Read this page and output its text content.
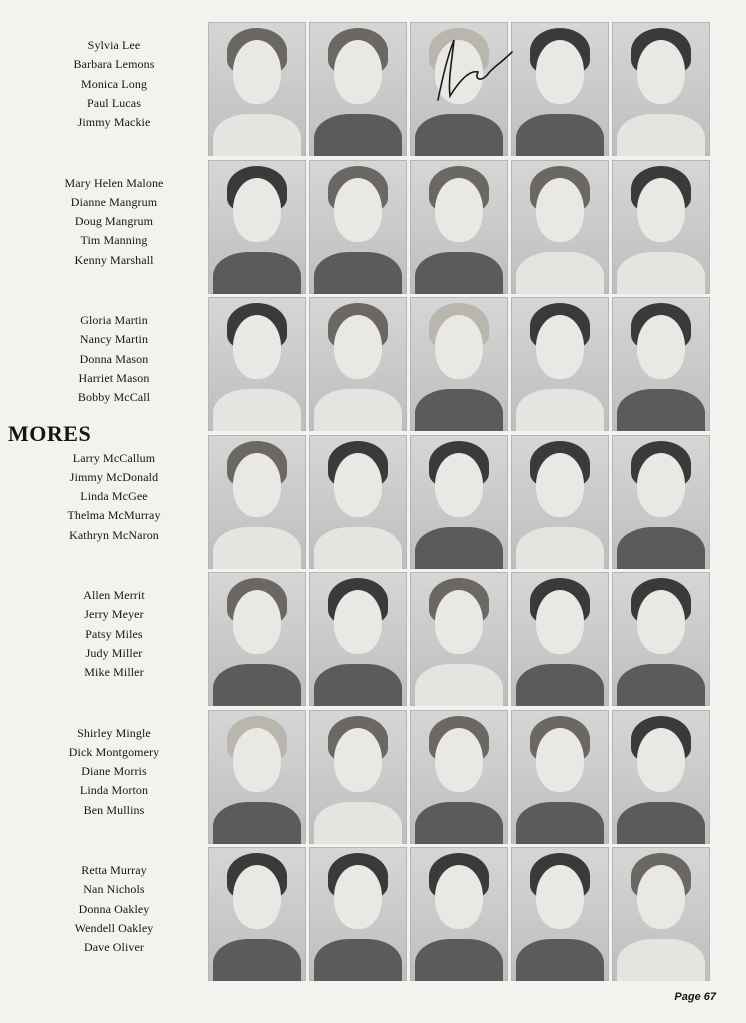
Sylvia Lee
Barbara Lemons
Monica Long
Paul Lucas
Jimmy Mackie
Mary Helen Malone
Dianne Mangrum
Doug Mangrum
Tim Manning
Kenny Marshall
Gloria Martin
Nancy Martin
Donna Mason
Harriet Mason
Bobby McCall
Larry McCallum
Jimmy McDonald
Linda McGee
Thelma McMurray
Kathryn McNaron
Allen Merrit
Jerry Meyer
Patsy Miles
Judy Miller
Mike Miller
Shirley Mingle
Dick Montgomery
Diane Morris
Linda Morton
Ben Mullins
Retta Murray
Nan Nichols
Donna Oakley
Wendell Oakley
Dave Oliver
MORES
Page 67
